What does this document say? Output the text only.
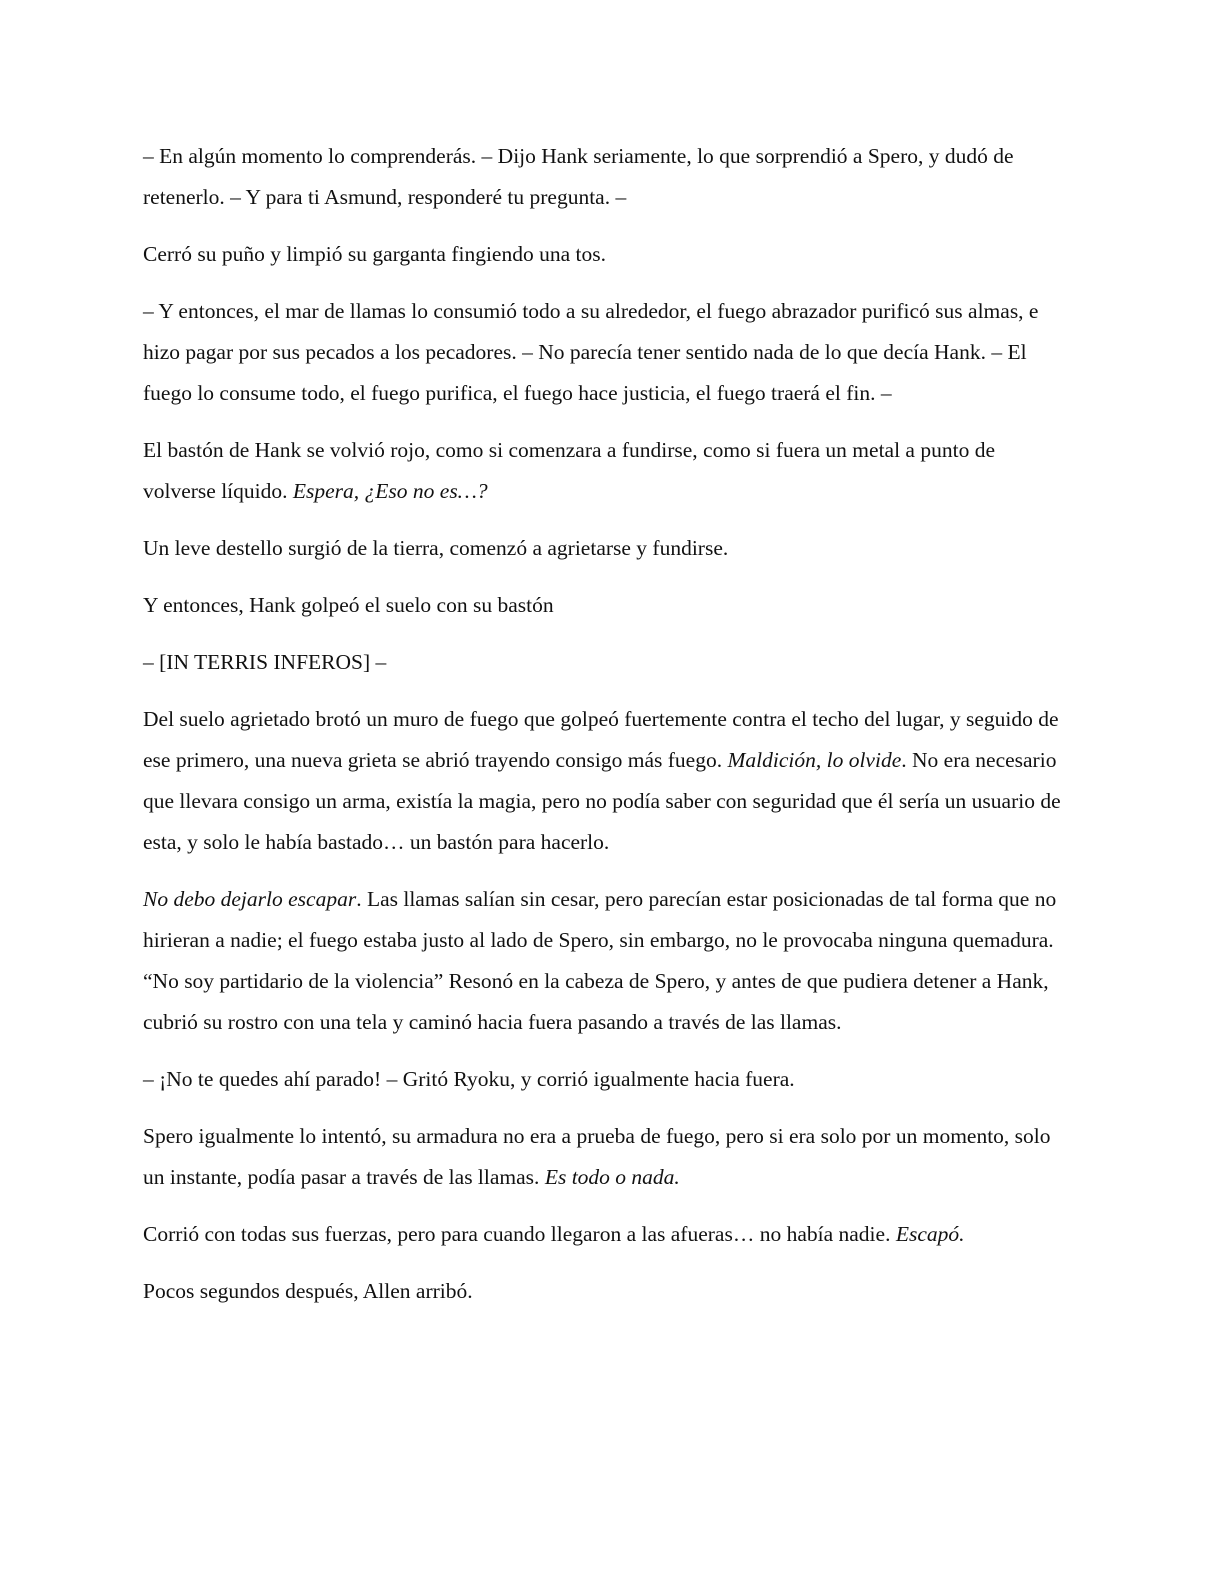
– En algún momento lo comprenderás. – Dijo Hank seriamente, lo que sorprendió a Spero, y dudó de retenerlo. – Y para ti Asmund, responderé tu pregunta. –

Cerró su puño y limpió su garganta fingiendo una tos.

– Y entonces, el mar de llamas lo consumió todo a su alrededor, el fuego abrazador purificó sus almas, e hizo pagar por sus pecados a los pecadores. – No parecía tener sentido nada de lo que decía Hank. – El fuego lo consume todo, el fuego purifica, el fuego hace justicia, el fuego traerá el fin. –

El bastón de Hank se volvió rojo, como si comenzara a fundirse, como si fuera un metal a punto de volverse líquido. Espera, ¿Eso no es…?

Un leve destello surgió de la tierra, comenzó a agrietarse y fundirse.

Y entonces, Hank golpeó el suelo con su bastón

– [IN TERRIS INFEROS] –

Del suelo agrietado brotó un muro de fuego que golpeó fuertemente contra el techo del lugar, y seguido de ese primero, una nueva grieta se abrió trayendo consigo más fuego. Maldición, lo olvide. No era necesario que llevara consigo un arma, existía la magia, pero no podía saber con seguridad que él sería un usuario de esta, y solo le había bastado… un bastón para hacerlo.

No debo dejarlo escapar. Las llamas salían sin cesar, pero parecían estar posicionadas de tal forma que no hirieran a nadie; el fuego estaba justo al lado de Spero, sin embargo, no le provocaba ninguna quemadura. “No soy partidario de la violencia” Resonó en la cabeza de Spero, y antes de que pudiera detener a Hank, cubrió su rostro con una tela y caminó hacia fuera pasando a través de las llamas.

– ¡No te quedes ahí parado! – Gritó Ryoku, y corrió igualmente hacia fuera.

Spero igualmente lo intentó, su armadura no era a prueba de fuego, pero si era solo por un momento, solo un instante, podía pasar a través de las llamas. Es todo o nada.

Corrió con todas sus fuerzas, pero para cuando llegaron a las afueras… no había nadie. Escapó.

Pocos segundos después, Allen arribó.
